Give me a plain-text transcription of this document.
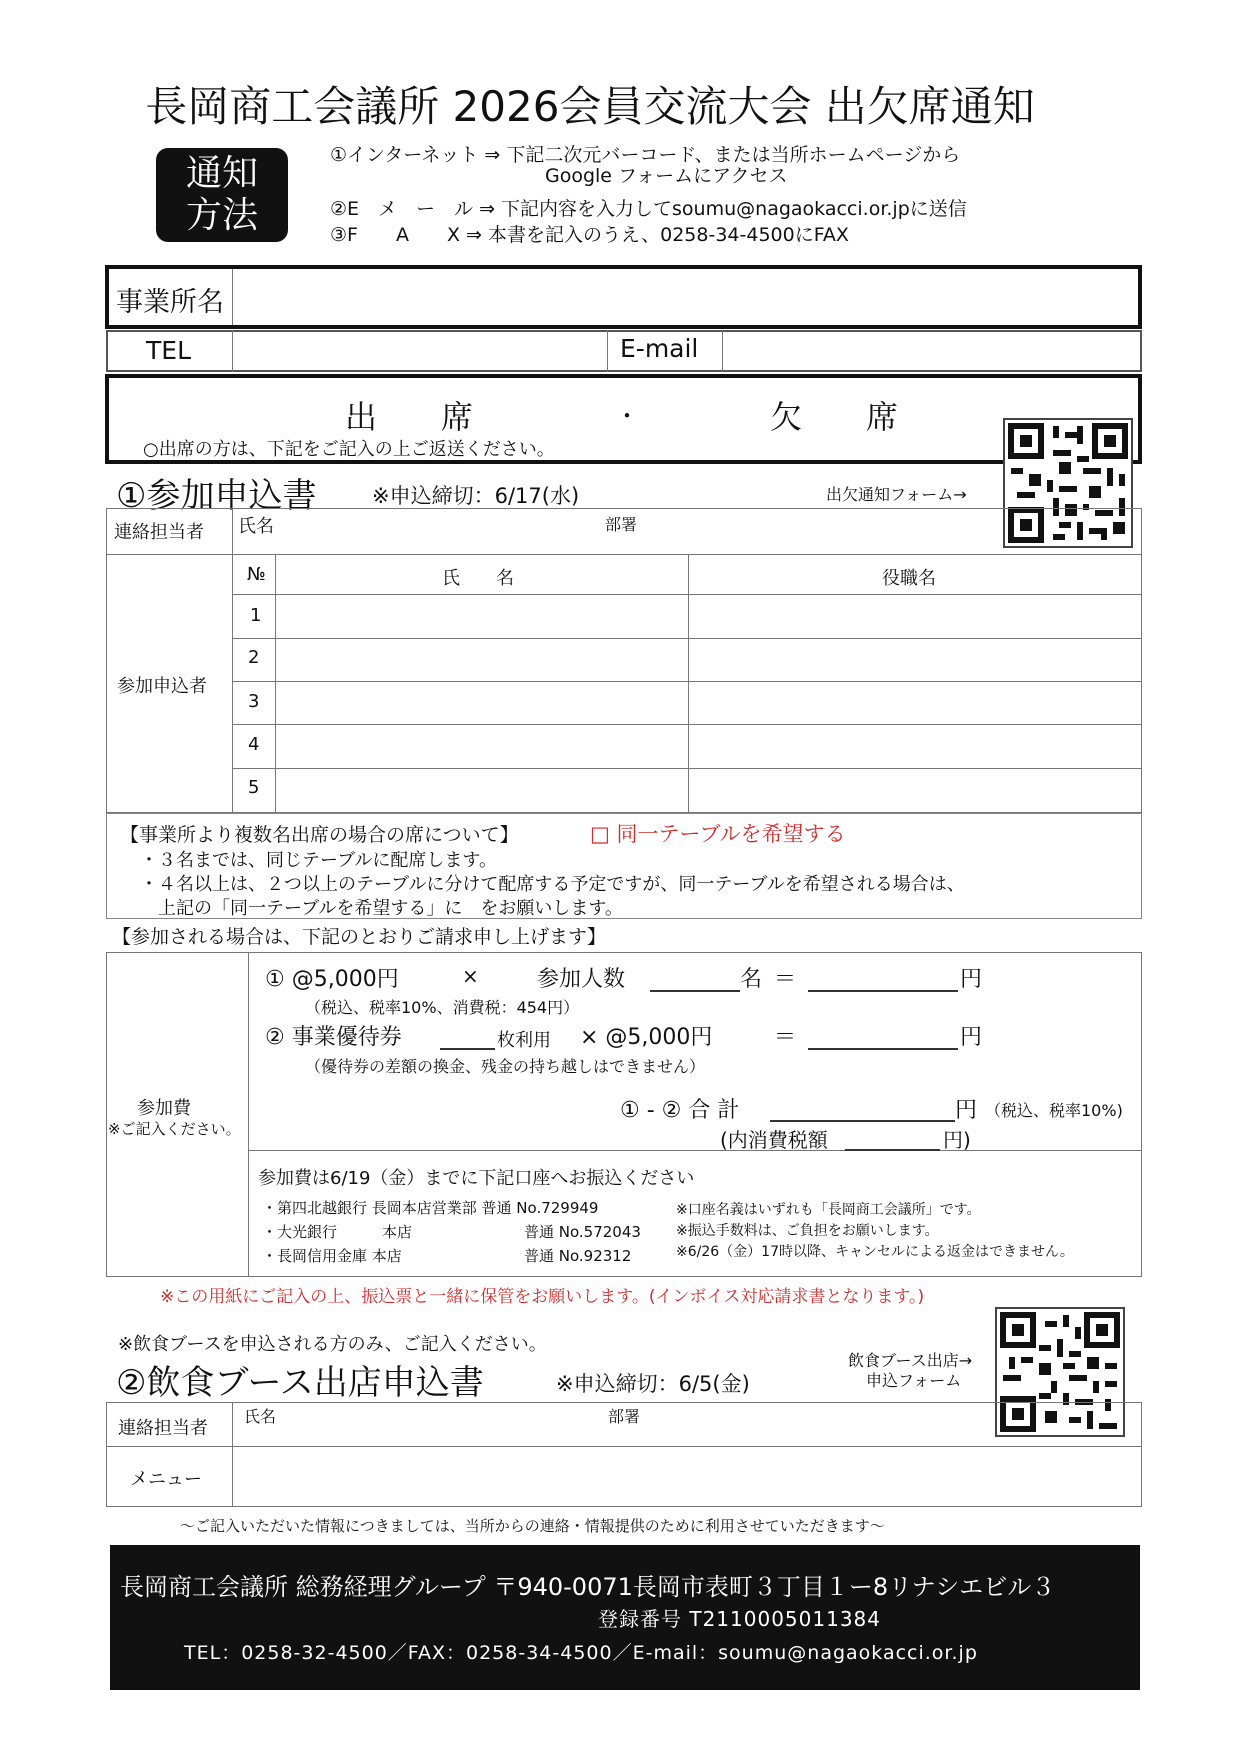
長岡商工会議所 2026会員交流大会 出欠席通知
通知
方法
①インターネット ⇒ 下記二次元バーコード、または当所ホームページから
Google フォームにアクセス
②E　メ　ー　ル ⇒ 下記内容を入力してsoumu@nagaokacci.or.jpに送信
③F　　A　　X ⇒ 本書を記入のうえ、0258-34-4500にFAX
事業所名
TEL	E-mail
出　　席	・	欠　　席
○出席の方は、下記をご記入の上ご返送ください。
①参加申込書	※申込締切：6/17(水)	出欠通知フォーム→
連絡担当者 氏名	部署
参加申込者
№	氏　　名	役職名
1
2
3
4
5
【事業所より複数名出席の場合の席について】	□ 同一テーブルを希望する
・３名までは、同じテーブルに配席します。
・４名以上は、２つ以上のテーブルに分けて配席する予定ですが、同一テーブルを希望される場合は、
上記の「同一テーブルを希望する」に　をお願いします。
【参加される場合は、下記のとおりご請求申し上げます】
参加費
※ご記入ください。
① @5,000円	×	参加人数	名 ＝	円
（税込、税率10%、消費税：454円）
② 事業優待券	枚利用 × @5,000円	＝	円
（優待券の差額の換金、残金の持ち越しはできません）
① - ② 合 計	円 （税込、税率10%)
(内消費税額	円)
参加費は6/19（金）までに下記口座へお振込ください
・第四北越銀行 長岡本店営業部 普通 No.729949
・大光銀行　　　本店	普通 No.572043
・長岡信用金庫 本店	普通 No.92312
※口座名義はいずれも「長岡商工会議所」です。
※振込手数料は、ご負担をお願いします。
※6/26（金）17時以降、キャンセルによる返金はできません。
※この用紙にご記入の上、振込票と一緒に保管をお願いします。(インボイス対応請求書となります。)
※飲食ブースを申込される方のみ、ご記入ください。
②飲食ブース出店申込書	※申込締切：6/5(金)
飲食ブース出店→
申込フォーム
連絡担当者
氏名	部署
メニュー
～ご記入いただいた情報につきましては、当所からの連絡・情報提供のために利用させていただきます～
長岡商工会議所 総務経理グループ 〒940-0071長岡市表町３丁目１ー8リナシエビル３
登録番号 T2110005011384
TEL：0258-32-4500／FAX：0258-34-4500／E-mail：soumu@nagaokacci.or.jp
